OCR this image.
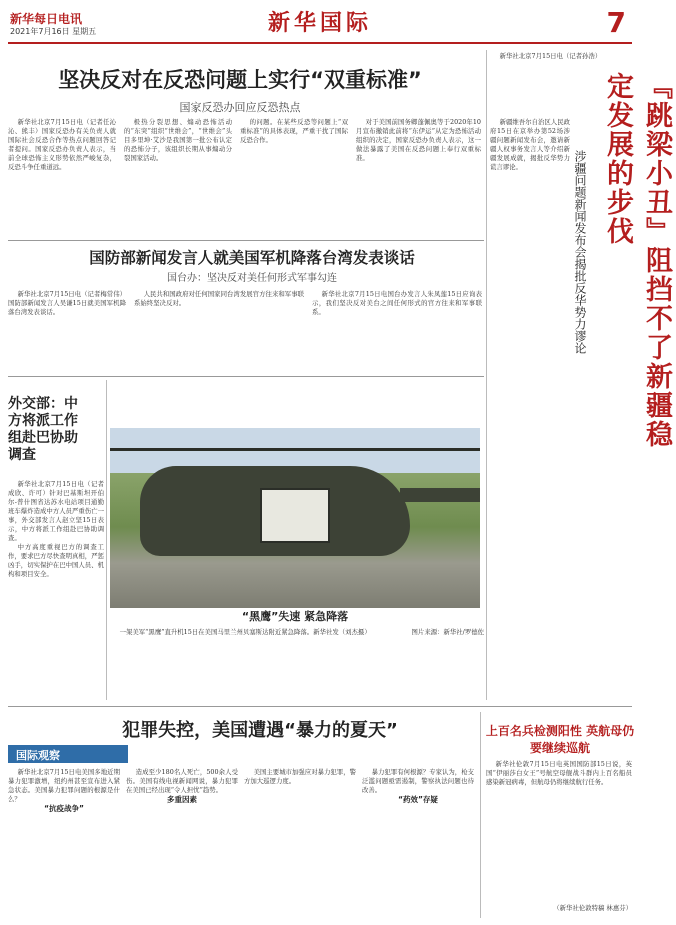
新华每日电讯
2021年7月16日 星期五	新华国际	7
坚决反对在反恐问题上实行“双重标准”
国家反恐办回应反恐热点

新华社北京7月15日电（记者任沁沁、熊丰）国家反恐办有关负责人就国际社会反恐合作等热点问题回答记者提问。国家反恐办负责人表示，当前全球恐怖主义形势依然严峻复杂，反恐斗争任重道远。

极热分裂思想、煽动恐怖活动的“东突”组织“世维会”，“世维会”头目多里坤·艾沙是我国第一批公布认定的恐怖分子，该组织长期从事煽动分裂国家活动。

的问题。在某些反恐等问题上“双重标准”的具体表现，严重干扰了国际反恐合作。

对于美国前国务卿蓬佩奥等于2020年10月宣布撤销此前将“东伊运”从定为恐怖活动组织的决定，国家反恐办负责人表示，这一做法暴露了美国在反恐问题上奉行双重标准。

国防部新闻发言人就美国军机降落台湾发表谈话
国台办：坚决反对美任何形式军事勾连

新华社北京7月15日电（记者梅常伟）国防部新闻发言人吴谦15日就美国军机降落台湾发表谈话。

人民共和国政府对任何国家同台湾发展官方往来和军事联系始终坚决反对。

新华社北京7月15日电国台办发言人朱凤莲15日应询表示，我们坚决反对美台之间任何形式的官方往来和军事联系。

外交部：中方将派工作组赴巴协助调查

新华社北京7月15日电（记者成欣、许可）针对巴基斯坦开伯尔-普什图省达苏水电站项目通勤班车爆炸造成中方人员严重伤亡一事，外交部发言人赵立坚15日表示，中方将派工作组赴巴协助调查。

中方高度重视巴方的调查工作，要求巴方尽快查明真相，严惩凶手，切实保护在巴中国人员、机构和项目安全。

“黑鹰”失速 紧急降落

一架美军“黑鹰”直升机15日在美国马里兰州贝塞斯达附近紧急降落。新华社发（刘杰摄）	图片来源：新华社/罗德佐

新华社北京7月15日电（记者孙浩）

『跳梁小丑』阻挡不了新疆稳定发展的步伐
涉疆问题新闻发布会揭批反华势力谬论

新疆维吾尔自治区人民政府15日在京举办第52场涉疆问题新闻发布会，邀请新疆人权事务发言人等介绍新疆发展成就，揭批反华势力谎言谬论。

犯罪失控，美国遭遇“暴力的夏天”
国际观察

新华社北京7月15日电美国多地近期暴力犯罪激增，纽约州甚至宣布进入紧急状态。美国暴力犯罪问题的根源是什么？

“抗疫战争”

造成至少180名人死亡，500余人受伤。美国有线电视新闻网说，暴力犯罪在美国已经出现“令人担忧”趋势。

多重因素

美国主要城市加强应对暴力犯罪，警方加大巡逻力度。

暴力犯罪有何根源？专家认为，枪支泛滥问题亟需遏制，警察执法问题也待改善。

“药效”存疑
上百名兵检测阳性 英航母仍要继续巡航

新华社伦敦7月15日电英国国防部15日说，英国“伊丽莎白女王”号航空母舰战斗群内上百名船员感染新冠病毒，但航母仍将继续航行任务。

（新华社伦敦特稿 林惠芬）
